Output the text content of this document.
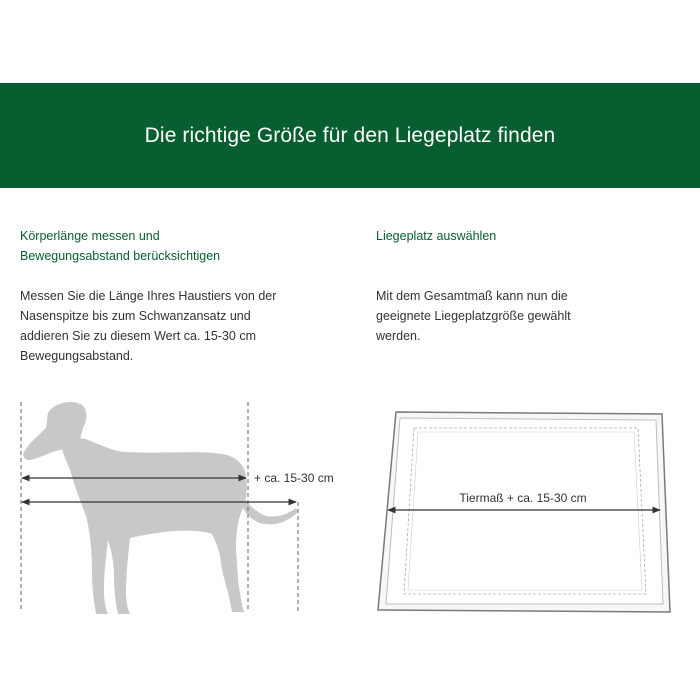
Die richtige Größe für den Liegeplatz finden

Körperlänge messen und
Bewegungsabstand berücksichtigen

Messen Sie die Länge Ihres Haustiers von der
Nasenspitze bis zum Schwanzansatz und
addieren Sie zu diesem Wert ca. 15-30 cm
Bewegungsabstand.

Liegeplatz auswählen

Mit dem Gesamtmaß kann nun die
geeignete Liegeplatzgröße gewählt
werden.

+ ca. 15-30 cm
Tiermaß + ca. 15-30 cm
